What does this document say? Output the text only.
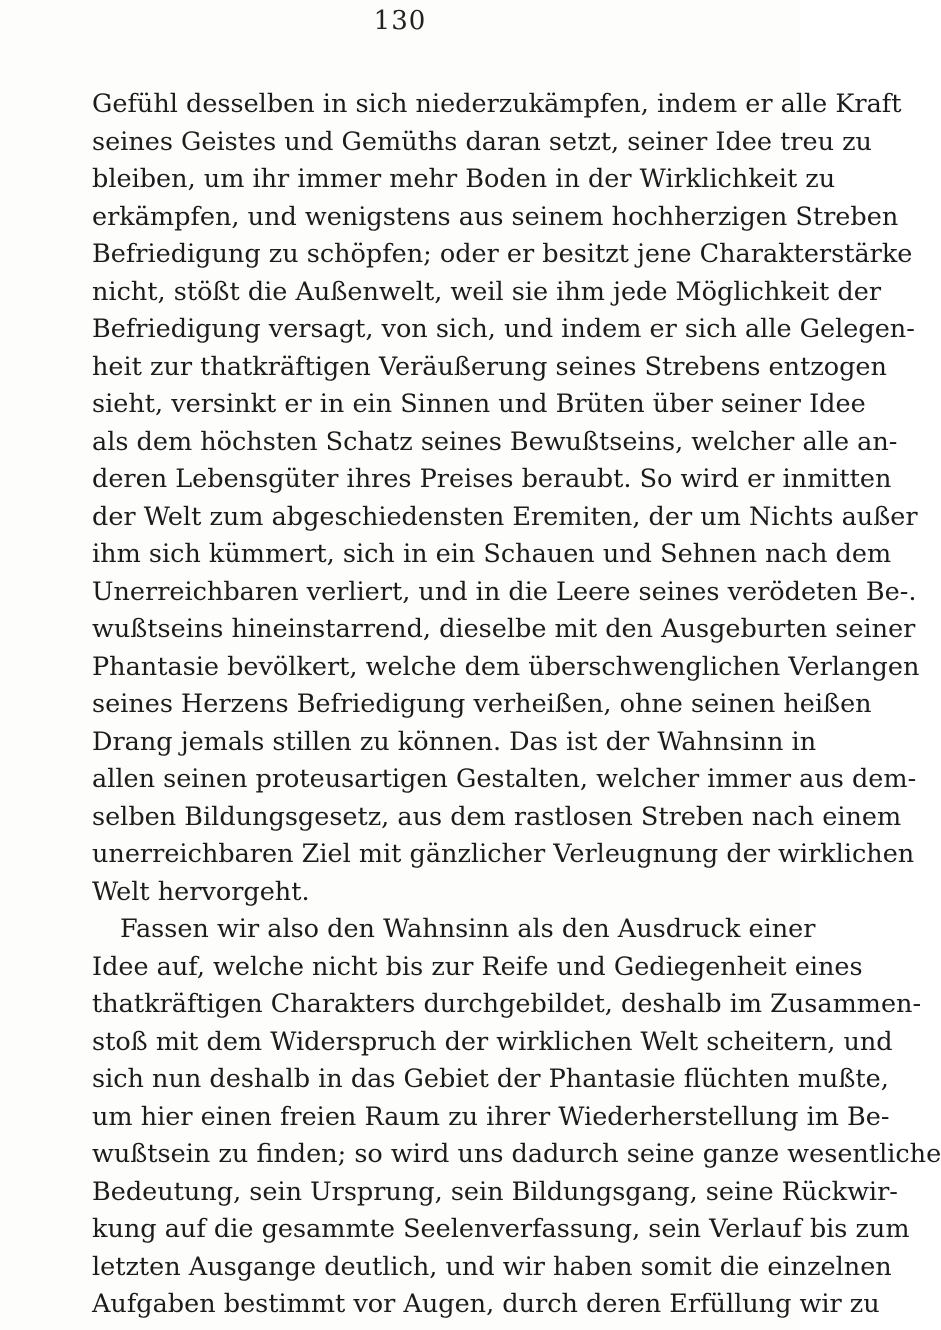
130
Gefühl desselben in sich niederzukämpfen, indem er alle Kraft
seines Geistes und Gemüths daran setzt, seiner Idee treu zu
bleiben, um ihr immer mehr Boden in der Wirklichkeit zu
erkämpfen, und wenigstens aus seinem hochherzigen Streben
Befriedigung zu schöpfen; oder er besitzt jene Charakterstärke
nicht, stößt die Außenwelt, weil sie ihm jede Möglichkeit der
Befriedigung versagt, von sich, und indem er sich alle Gelegen-
heit zur thatkräftigen Veräußerung seines Strebens entzogen
sieht, versinkt er in ein Sinnen und Brüten über seiner Idee
als dem höchsten Schatz seines Bewußtseins, welcher alle an-
deren Lebensgüter ihres Preises beraubt. So wird er inmitten
der Welt zum abgeschiedensten Eremiten, der um Nichts außer
ihm sich kümmert, sich in ein Schauen und Sehnen nach dem
Unerreichbaren verliert, und in die Leere seines verödeten Be-.
wußtseins hineinstarrend, dieselbe mit den Ausgeburten seiner
Phantasie bevölkert, welche dem überschwenglichen Verlangen
seines Herzens Befriedigung verheißen, ohne seinen heißen
Drang jemals stillen zu können. Das ist der Wahnsinn in
allen seinen proteusartigen Gestalten, welcher immer aus dem-
selben Bildungsgesetz, aus dem rastlosen Streben nach einem
unerreichbaren Ziel mit gänzlicher Verleugnung der wirklichen
Welt hervorgeht.
Fassen wir also den Wahnsinn als den Ausdruck einer
Idee auf, welche nicht bis zur Reife und Gediegenheit eines
thatkräftigen Charakters durchgebildet, deshalb im Zusammen-
stoß mit dem Widerspruch der wirklichen Welt scheitern, und
sich nun deshalb in das Gebiet der Phantasie flüchten mußte,
um hier einen freien Raum zu ihrer Wiederherstellung im Be-
wußtsein zu finden; so wird uns dadurch seine ganze wesentliche
Bedeutung, sein Ursprung, sein Bildungsgang, seine Rückwir-
kung auf die gesammte Seelenverfassung, sein Verlauf bis zum
letzten Ausgange deutlich, und wir haben somit die einzelnen
Aufgaben bestimmt vor Augen, durch deren Erfüllung wir zu
